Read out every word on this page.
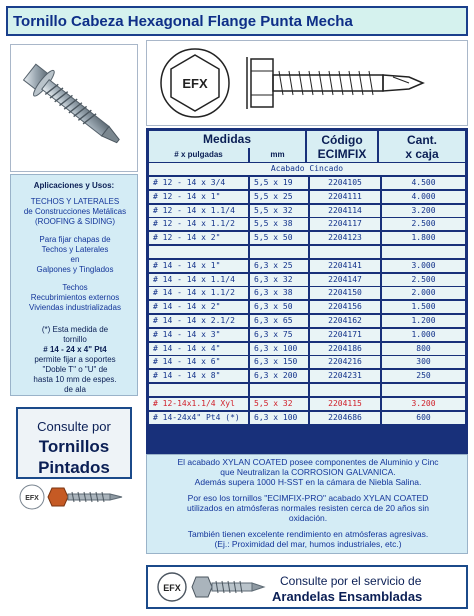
Tornillo Cabeza Hexagonal Flange Punta Mecha
Aplicaciones y Usos:
TECHOS Y LATERALES
de Construcciones Metálicas
(ROOFING & SIDING)
Para fijar chapas de
Techos y Laterales
en
Galpones y Tinglados
Techos
Recubrimientos externos
Viviendas industrializadas
(*) Esta medida de
tornillo
# 14 - 24 x 4" Pt4
permite fijar a soportes
"Doble T" o "U" de
hasta 10 mm de espes.
de ala
Consulte por
Tornillos
Pintados
EFX
EFX
Medidas	Código
ECIMFIX
Cant.
x caja
# x pulgadas	mm
Acabado Cincado
# 12 - 14 x 3/4	5,5 x 19	2204105	4.500
# 12 - 14 x 1"	5,5 x 25	2204111	4.000
# 12 - 14 x 1.1/4	5,5 x 32	2204114	3.200
# 12 - 14 x 1.1/2	5,5 x 38	2204117	2.500
# 12 - 14 x 2"	5,5 x 50	2204123	1.800
# 14 - 14 x 1"	6,3 x 25	2204141	3.000
# 14 - 14 x 1.1/4	6,3 x 32	2204147	2.500
# 14 - 14 x 1.1/2	6,3 x 38	2204150	2.000
# 14 - 14 x 2"	6,3 x 50	2204156	1.500
# 14 - 14 x 2.1/2	6,3 x 65	2204162	1.200
# 14 - 14 x 3"	6,3 x 75	2204171	1.000
# 14 - 14 x 4"	6,3 x 100	2204186	800
# 14 - 14 x 6"	6,3 x 150	2204216	300
# 14 - 14 x 8"	6,3 x 200	2204231	250
# 12-14x1.1/4 Xyl	5,5 x 32	2204115	3.200
# 14-24x4" Pt4 (*)	6,3 x 100	2204686	600
El acabado XYLAN COATED posee componentes de Aluminio y Cinc
que Neutralizan la CORROSION GALVANICA.
Además supera 1000 H-SST en la cámara de Niebla Salina.
Por eso los tornillos "ECIMFIX-PRO" acabado XYLAN COATED
utilizados en atmósferas normales resisten cerca de 20 años sin
oxidación.
También tienen excelente rendimiento en atmósferas agresivas.
(Ej.: Proximidad del mar, humos industriales, etc.)
EFX	Consulte por el servicio de
Arandelas Ensambladas
